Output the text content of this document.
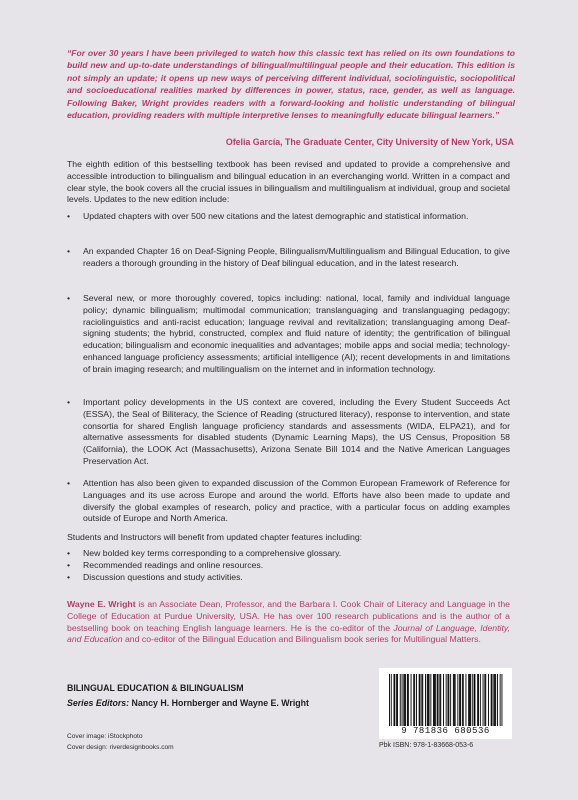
“For over 30 years I have been privileged to watch how this classic text has relied on its own foundations to build new and up-to-date understandings of bilingual/multilingual people and their education. This edition is not simply an update; it opens up new ways of perceiving different individual, sociolinguistic, sociopolitical and socioeducational realities marked by differences in power, status, race, gender, as well as language. Following Baker, Wright provides readers with a forward-looking and holistic understanding of bilingual education, providing readers with multiple interpretive lenses to meaningfully educate bilingual learners.”

Ofelia García, The Graduate Center, City University of New York, USA

The eighth edition of this bestselling textbook has been revised and updated to provide a comprehensive and accessible introduction to bilingualism and bilingual education in an everchanging world. Written in a compact and clear style, the book covers all the crucial issues in bilingualism and multilingualism at individual, group and societal levels. Updates to the new edition include:

• Updated chapters with over 500 new citations and the latest demographic and statistical information.
• An expanded Chapter 16 on Deaf-Signing People, Bilingualism/Multilingualism and Bilingual Education, to give readers a thorough grounding in the history of Deaf bilingual education, and in the latest research.
• Several new, or more thoroughly covered, topics including: national, local, family and individual language policy; dynamic bilingualism; multimodal communication; translanguaging and translanguaging pedagogy; raciolinguistics and anti-racist education; language revival and revitalization; translanguaging among Deaf-signing students; the hybrid, constructed, complex and fluid nature of identity; the gentrification of bilingual education; bilingualism and economic inequalities and advantages; mobile apps and social media; technology-enhanced language proficiency assessments; artificial intelligence (AI); recent developments in and limitations of brain imaging research; and multilingualism on the internet and in information technology.
• Important policy developments in the US context are covered, including the Every Student Succeeds Act (ESSA), the Seal of Biliteracy, the Science of Reading (structured literacy), response to intervention, and state consortia for shared English language proficiency standards and assessments (WIDA, ELPA21), and for alternative assessments for disabled students (Dynamic Learning Maps), the US Census, Proposition 58 (California), the LOOK Act (Massachusetts), Arizona Senate Bill 1014 and the Native American Languages Preservation Act.
• Attention has also been given to expanded discussion of the Common European Framework of Reference for Languages and its use across Europe and around the world. Efforts have also been made to update and diversify the global examples of research, policy and practice, with a particular focus on adding examples outside of Europe and North America.

Students and Instructors will benefit from updated chapter features including:

• New bolded key terms corresponding to a comprehensive glossary.
• Recommended readings and online resources.
• Discussion questions and study activities.

Wayne E. Wright is an Associate Dean, Professor, and the Barbara I. Cook Chair of Literacy and Language in the College of Education at Purdue University, USA. He has over 100 research publications and is the author of a bestselling book on teaching English language learners. He is the co-editor of the Journal of Language, Identity, and Education and co-editor of the Bilingual Education and Bilingualism book series for Multilingual Matters.

BILINGUAL EDUCATION & BILINGUALISM

Series Editors: Nancy H. Hornberger and Wayne E. Wright

Cover image: iStockphoto

Cover design: riverdesignbooks.com

9 781836 680536

Pbk ISBN: 978-1-83668-053-6
